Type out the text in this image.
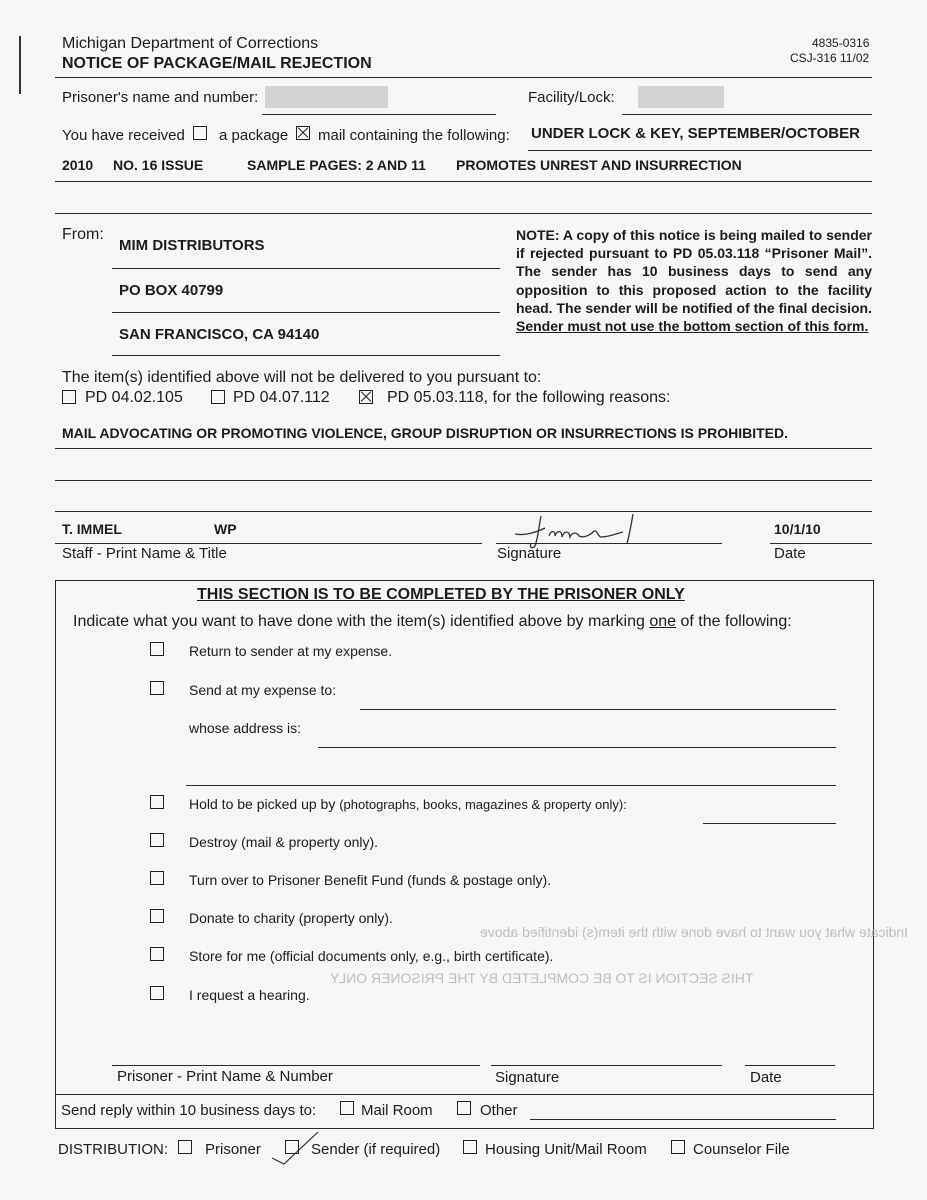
Michigan Department of Corrections
NOTICE OF PACKAGE/MAIL REJECTION
4835-0316
CSJ-316 11/02
Prisoner's name and number:	Facility/Lock:
You have received a package mail containing the following: UNDER LOCK & KEY, SEPTEMBER/OCTOBER
2010 NO. 16 ISSUE	SAMPLE PAGES: 2 AND 11 PROMOTES UNREST AND INSURRECTION
From:
MIM DISTRIBUTORS
PO BOX 40799
SAN FRANCISCO, CA 94140
NOTE: A copy of this notice is being mailed to sender if rejected pursuant to PD 05.03.118 “Prisoner Mail”. The sender has 10 business days to send any opposition to this proposed action to the facility head. The sender will be notified of the final decision. Sender must not use the bottom section of this form.
The item(s) identified above will not be delivered to you pursuant to:
PD 04.02.105	PD 04.07.112	PD 05.03.118, for the following reasons:
MAIL ADVOCATING OR PROMOTING VIOLENCE, GROUP DISRUPTION OR INSURRECTIONS IS PROHIBITED.
T. IMMEL	WP	10/1/10
Staff - Print Name & Title	Signature	Date
THIS SECTION IS TO BE COMPLETED BY THE PRISONER ONLY
Indicate what you want to have done with the item(s) identified above by marking one of the following:
Return to sender at my expense.
Send at my expense to:
whose address is:
Hold to be picked up by (photographs, books, magazines & property only):
Destroy (mail & property only).
Turn over to Prisoner Benefit Fund (funds & postage only).
Donate to charity (property only).
Indicate what you want to have done with the item(s) identified above
THIS SECTION IS TO BE COMPLETED BY THE PRISONER ONLY
Store for me (official documents only, e.g., birth certificate).
I request a hearing.
Prisoner - Print Name & Number	Signature	Date
Send reply within 10 business days to:	Mail Room	Other
DISTRIBUTION: Prisoner	Sender (if required)	Housing Unit/Mail Room	Counselor File
